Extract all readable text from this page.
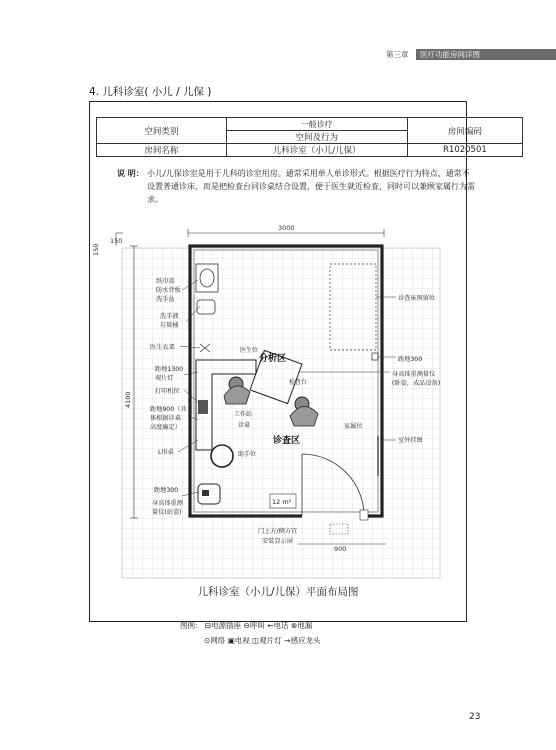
第三章	医疗功能房间详图
4. 儿科诊室( 小儿 / 儿保 )
空间类别	一般诊疗	房间编码
	空间及行为	
房间名称	儿科诊室（小儿/儿保）	R1020501
说 明： 小儿/儿保诊室是用于儿科的诊室用房。通常采用单人单诊形式。根据医疗行为特点，通常不设置普通诊床，而是把检查台同诊桌结合设置，便于医生就近检查，同时可以兼顾家属行为需求。
150
150
3000
4100
900
12 m²
分析区
诊查区
医生位
检查台
工作站
诊桌
助手位
纸巾盒
防水背板
洗手盆
洗手液
垃圾桶
医生衣架
距地1300
观片灯
打印机位
距地900（具
体根据诊桌
高度确定）
L形桌
距地300
身高体重测
量仪(站姿)
诊查床预留位
距地300
身高体重测量仪
(卧姿，成品设备)
家属位
室外挂图
门上方/侧方宜
安装显示屏
儿科诊室（小儿/儿保）平面布局图
图例： ⊟电源插座 ⊖呼叫 ⇜电话 ⊗地漏
⊙网络 ▣电视 ◫观片灯 ⇝感应龙头
23
